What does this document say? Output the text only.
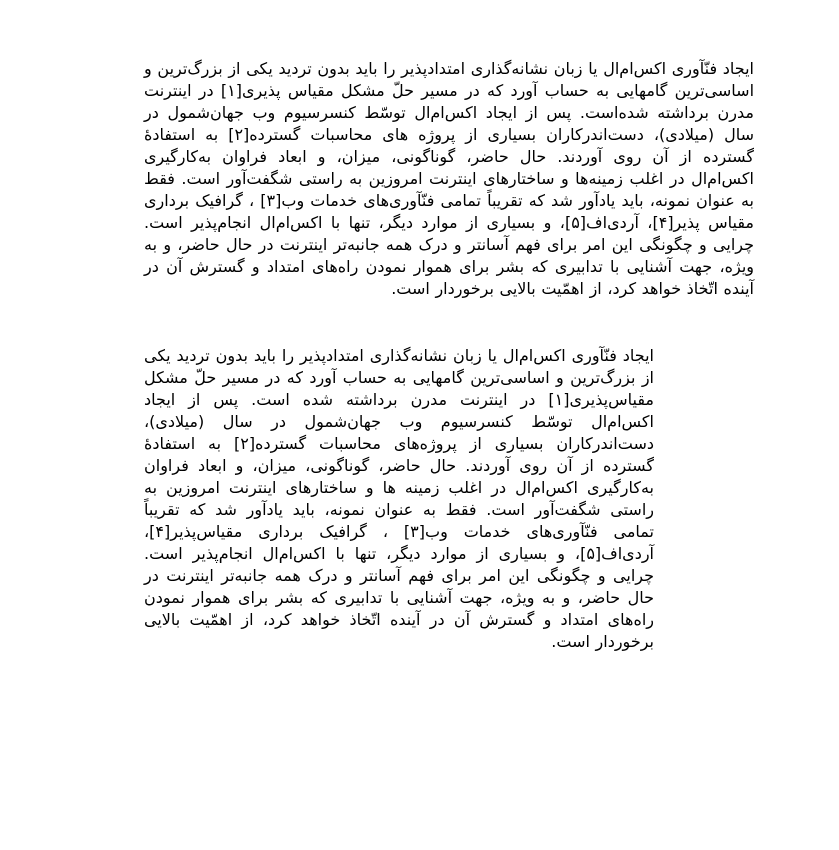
ایجاد فنّآوری اکس‌ام‌ال یا زبان نشانه‌گذاری امتدادپذیر را باید بدون تردید یکی از بزرگ‌ترین و اساسی‌ترین گامهایی به حساب آورد که در مسیر حلّ مشکل مقیاس پذیری[۱] در اینترنت مدرن برداشته شده‌است. پس از ایجاد اکس‌ام‌ال توسّط کنسرسیوم وب جهان‌شمول در سال (میلادی)، دست‌اندرکاران بسیاری از پروژه های محاسبات گسترده[۲] به استفادهٔ گسترده از آن روی آوردند. حال حاضر، گوناگونی، میزان، و ابعاد فراوان به‌کارگیری اکس‌ام‌ال در اغلب زمینه‌ها و ساختارهای اینترنت امروزین به راستی شگفت‌آور است. فقط به عنوان نمونه، باید یادآور شد که تقریباً تمامی فنّآوری‌های خدمات وب[۳] ، گرافیک برداری مقیاس پذیر[۴]، آردی‌اف[۵]، و بسیاری از موارد دیگر، تنها با اکس‌ام‌ال انجام‌پذیر است. چرایی و چگونگی این امر برای فهم آسانتر و درک همه جانبه‌تر اینترنت در حال حاضر، و به ویژه، جهت آشنایی با تدابیری که بشر برای هموار نمودن راه‌های امتداد و گسترش آن در آینده اتّخاذ خواهد کرد، از اهمّیت بالایی برخوردار است.

ایجاد فنّآوری اکس‌ام‌ال یا زبان نشانه‌گذاری امتدادپذیر را باید بدون تردید یکی از بزرگ‌ترین و اساسی‌ترین گامهایی به حساب آورد که در مسیر حلّ مشکل مقیاس‌پذیری[۱] در اینترنت مدرن برداشته شده است. پس از ایجاد اکس‌ام‌ال توسّط کنسرسیوم وب جهان‌شمول در سال (میلادی)، دست‌اندرکاران بسیاری از پروژه‌های محاسبات گسترده[۲] به استفادهٔ گسترده از آن روی آوردند. حال حاضر، گوناگونی، میزان، و ابعاد فراوان به‌کارگیری اکس‌ام‌ال در اغلب زمینه ها و ساختارهای اینترنت امروزین به راستی شگفت‌آور است. فقط به عنوان نمونه، باید یادآور شد که تقریباً تمامی فنّآوری‌های خدمات وب[۳] ، گرافیک برداری مقیاس‌پذیر[۴]، آردی‌اف[۵]، و بسیاری از موارد دیگر، تنها با اکس‌ام‌ال انجام‌پذیر است. چرایی و چگونگی این امر برای فهم آسانتر و درک همه جانبه‌تر اینترنت در حال حاضر، و به ویژه، جهت آشنایی با تدابیری که بشر برای هموار نمودن راه‌های امتداد و گسترش آن در آینده اتّخاذ خواهد کرد، از اهمّیت بالایی برخوردار است.
